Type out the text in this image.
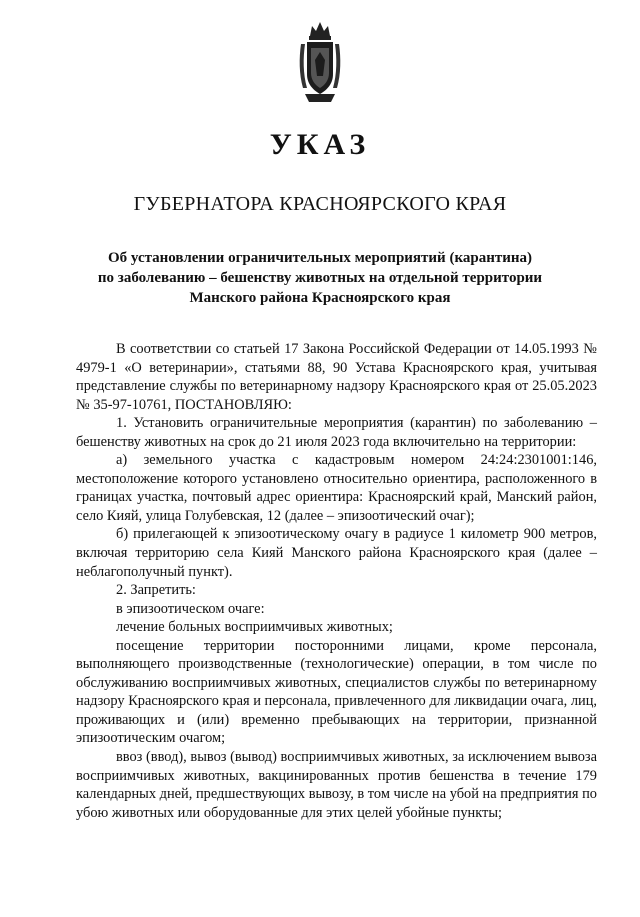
УКАЗ
ГУБЕРНАТОРА КРАСНОЯРСКОГО КРАЯ
Об установлении ограничительных мероприятий (карантина)
по заболеванию – бешенству животных на отдельной территории
Манского района Красноярского края

В соответствии со статьей 17 Закона Российской Федерации от 14.05.1993 № 4979-1 «О ветеринарии», статьями 88, 90 Устава Красноярского края, учитывая представление службы по ветеринарному надзору Красноярского края от 25.05.2023 № 35-97-10761, ПОСТАНОВЛЯЮ:

1. Установить ограничительные мероприятия (карантин) по заболеванию – бешенству животных на срок до 21 июля 2023 года включительно на территории:

а) земельного участка с кадастровым номером 24:24:2301001:146, местоположение которого установлено относительно ориентира, расположенного в границах участка, почтовый адрес ориентира: Красноярский край, Манский район, село Кияй, улица Голубевская, 12 (далее – эпизоотический очаг);

б) прилегающей к эпизоотическому очагу в радиусе 1 километр 900 метров, включая территорию села Кияй Манского района Красноярского края (далее – неблагополучный пункт).

2. Запретить:

в эпизоотическом очаге:

лечение больных восприимчивых животных;

посещение территории посторонними лицами, кроме персонала, выполняющего производственные (технологические) операции, в том числе по обслуживанию восприимчивых животных, специалистов службы по ветеринарному надзору Красноярского края и персонала, привлеченного для ликвидации очага, лиц, проживающих и (или) временно пребывающих на территории, признанной эпизоотическим очагом;

ввоз (ввод), вывоз (вывод) восприимчивых животных, за исключением вывоза восприимчивых животных, вакцинированных против бешенства в течение 179 календарных дней, предшествующих вывозу, в том числе на убой на предприятия по убою животных или оборудованные для этих целей убойные пункты;
